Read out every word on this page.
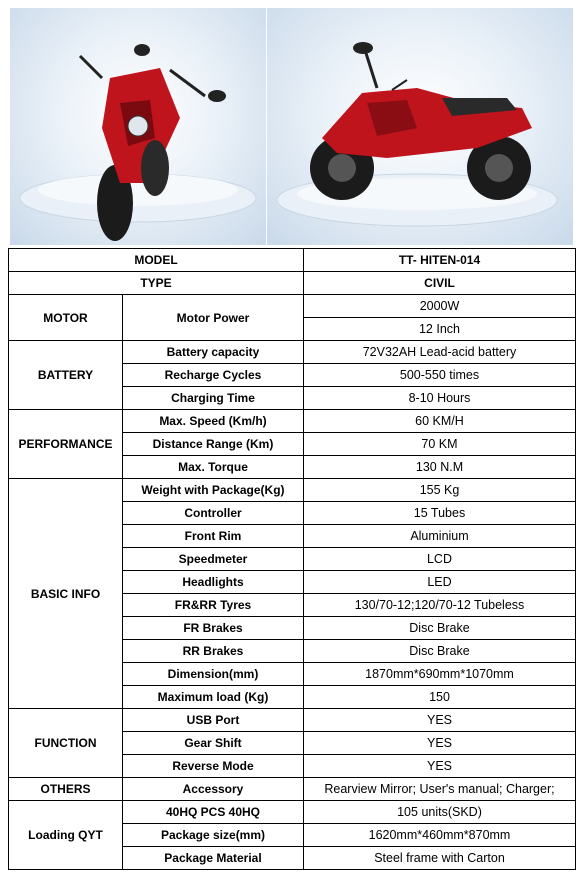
MODEL		TT- HITEN-014
TYPE		CIVIL
MOTOR	Motor Power	2000W
		12 Inch
BATTERY	Battery capacity	72V32AH Lead-acid battery
	Recharge Cycles	500-550 times
	Charging Time	8-10 Hours
PERFORMANCE	Max. Speed (Km/h)	60 KM/H
	Distance Range (Km)	70 KM
	Max. Torque	130 N.M
BASIC INFO	Weight with Package(Kg)	155 Kg
	Controller	15 Tubes
	Front Rim	Aluminium
	Speedmeter	LCD
	Headlights	LED
	FR&RR Tyres	130/70-12;120/70-12 Tubeless
	FR Brakes	Disc Brake
	RR Brakes	Disc Brake
	Dimension(mm)	1870mm*690mm*1070mm
	Maximum load (Kg)	150
FUNCTION	USB Port	YES
	Gear Shift	YES
	Reverse Mode	YES
OTHERS	Accessory	Rearview Mirror; User's manual; Charger;
Loading QYT	40HQ PCS 40HQ	105 units(SKD)
	Package size(mm)	1620mm*460mm*870mm
	Package Material	Steel frame with Carton
